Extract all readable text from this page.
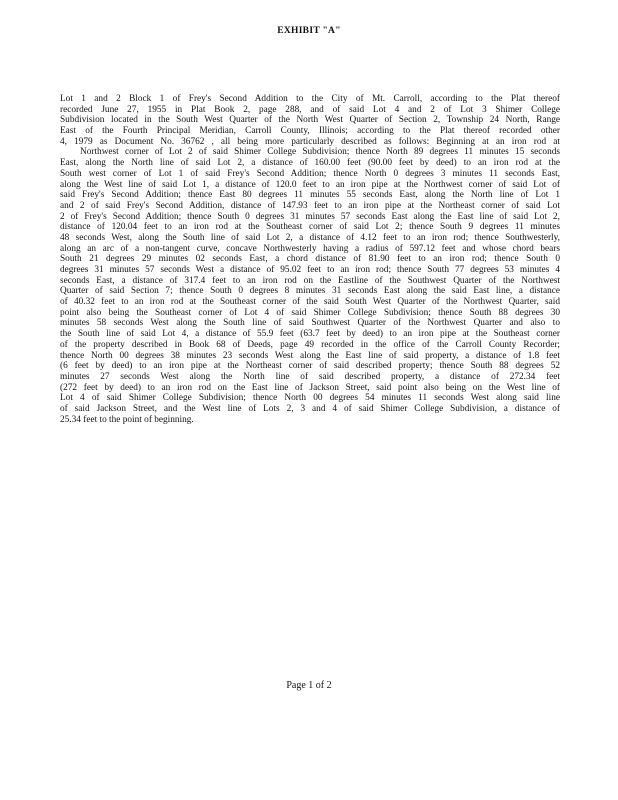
EXHIBIT "A"
Lot 1 and 2 Block 1 of Frey's Second Addition to the City of Mt. Carroll, according to the Plat thereof
recorded June 27, 1955 in Plat Book 2, page 288, and of said Lot 4 and 2 of Lot 3 Shimer College
Subdivision located in the South West Quarter of the North West Quarter of Section 2, Township 24 North, Range
East of the Fourth Principal Meridian, Carroll County, Illinois; according to the Plat thereof recorded other
4, 1979 as Document No. 36762 , all being more particularly described as follows: Beginning at an iron rod at
Northwest corner of Lot 2 of said Shimer College Subdivision; thence North 89 degrees 11 minutes 15 seconds
East, along the North line of said Lot 2, a distance of 160.00 feet (90.00 feet by deed) to an iron rod at the
South west corner of Lot 1 of said Frey's Second Addition; thence North 0 degrees 3 minutes 11 seconds East,
along the West line of said Lot 1, a distance of 120.0 feet to an iron pipe at the Northwest corner of said Lot of
said Frey's Second Addition; thence East 80 degrees 11 minutes 55 seconds East, along the North line of Lot 1
and 2 of said Frey's Second Addition, distance of 147.93 feet to an iron pipe at the Northeast corner of said Lot
2 of Frey's Second Addition; thence South 0 degrees 31 minutes 57 seconds East along the East line of said Lot 2,
distance of 120.04 feet to an iron rod at the Southeast corner of said Lot 2; thence South 9 degrees 11 minutes
48 seconds West, along the South line of said Lot 2, a distance of 4.12 feet to an iron rod; thence Southwesterly,
along an arc of a non-tangent curve, concave Northwesterly having a radius of 597.12 feet and whose chord bears
South 21 degrees 29 minutes 02 seconds East, a chord distance of 81.90 feet to an iron rod; thence South 0
degrees 31 minutes 57 seconds West a distance of 95.02 feet to an iron rod; thence South 77 degrees 53 minutes 4
seconds East, a distance of 317.4 feet to an iron rod on the Eastline of the Southwest Quarter of the Northwest
Quarter of said Section 7; thence South 0 degrees 8 minutes 31 seconds East along the said East line, a distance
of 40.32 feet to an iron rod at the Southeast corner of the said South West Quarter of the Northwest Quarter, said
point also being the Southeast corner of Lot 4 of said Shimer College Subdivision; thence South 88 degrees 30
minutes 58 seconds West along the South line of said Southwest Quarter of the Northwest Quarter and also to
the South line of said Lot 4, a distance of 55.9 feet (63.7 feet by deed) to an iron pipe at the Southeast corner
of the property described in Book 68 of Deeds, page 49 recorded in the office of the Carroll County Recorder;
thence North 00 degrees 38 minutes 23 seconds West along the East line of said property, a distance of 1.8 feet
(6 feet by deed) to an iron pipe at the Northeast corner of said described property; thence South 88 degrees 52
minutes 27 seconds West along the North line of said described property, a distance of 272.34 feet
(272 feet by deed) to an iron rod on the East line of Jackson Street, said point also being on the West line of
Lot 4 of said Shimer College Subdivision; thence North 00 degrees 54 minutes 11 seconds West along said line
of said Jackson Street, and the West line of Lots 2, 3 and 4 of said Shimer College Subdivision, a distance of
25.34 feet to the point of beginning.
Page 1 of 2
